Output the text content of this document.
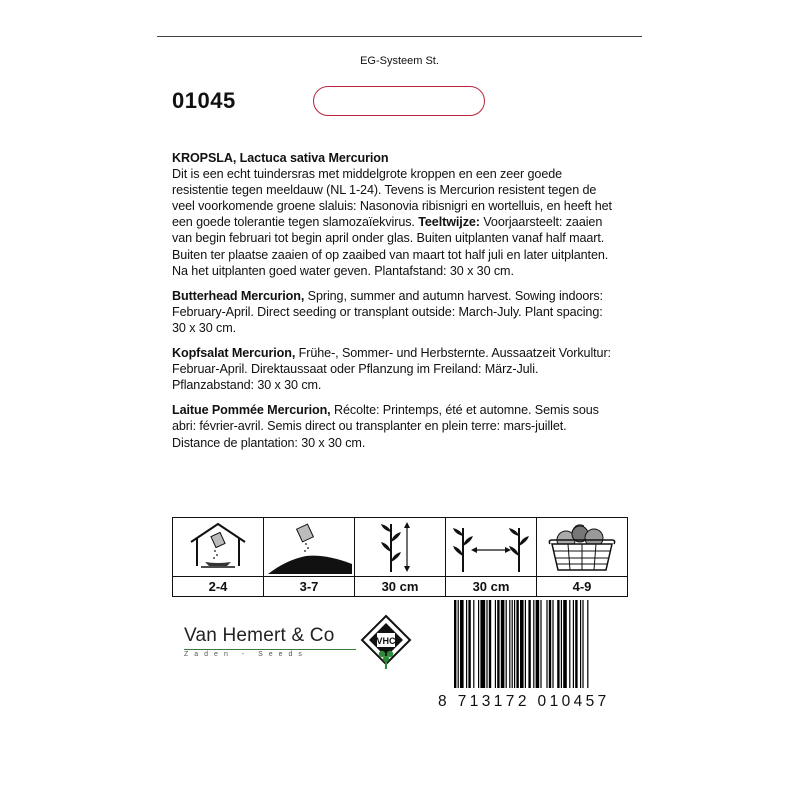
EG-Systeem St.
01045

KROPSLA, Lactuca sativa Mercurion
Dit is een echt tuindersras met middelgrote kroppen en een zeer goede resistentie tegen meeldauw (NL 1-24). Tevens is Mercurion resistent tegen de veel voorkomende groene slaluis: Nasonovia ribisnigri en wortelluis, en heeft het een goede tolerantie tegen slamozaïekvirus. Teeltwijze: Voorjaarsteelt: zaaien van begin februari tot begin april onder glas. Buiten uitplanten vanaf half maart. Buiten ter plaatse zaaien of op zaaibed van maart tot half juli en later uitplanten. Na het uitplanten goed water geven. Plantafstand: 30 x 30 cm.

Butterhead Mercurion, Spring, summer and autumn harvest. Sowing indoors: February-April. Direct seeding or transplant outside: March-July. Plant spacing: 30 x 30 cm.

Kopfsalat Mercurion, Frühe-, Sommer- und Herbsternte. Aussaatzeit Vorkultur: Februar-April. Direktaussaat oder Pflanzung im Freiland: März-Juli. Pflanzabstand: 30 x 30 cm.

Laitue Pommée Mercurion, Récolte: Printemps, été et automne. Semis sous abri: février-avril. Semis direct ou transplanter en plein terre: mars-juillet. Distance de plantation: 30 x 30 cm.

2-4	3-7	30 cm	30 cm	4-9
Van Hemert & Co
Zaden - Seeds
VHC
8 713172 010457
